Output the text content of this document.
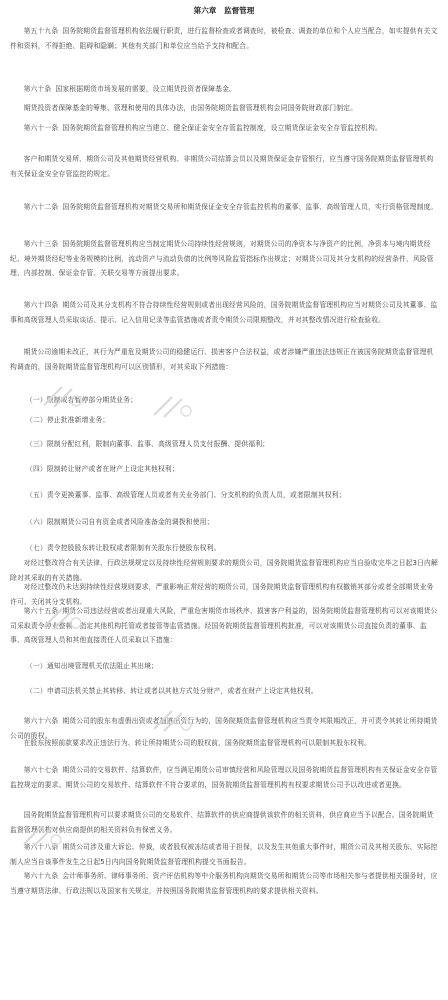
第六章　监督管理

第五十九条 国务院期货监督管理机构依法履行职责，进行监督检查或者调查时，被检查、调查的单位和个人应当配合，如实提供有关文件和资料，不得拒绝、阻碍和隐瞒；其他有关部门和单位应当给予支持和配合。

第六十条 国家根据期货市场发展的需要，设立期货投资者保障基金。

期货投资者保障基金的筹集、管理和使用的具体办法，由国务院期货监督管理机构会同国务院财政部门制定。

第六十一条 国务院期货监督管理机构应当建立、健全保证金安全存管监控制度，设立期货保证金安全存管监控机构。

客户和期货交易所、期货公司及其他期货经营机构、非期货公司结算会员以及期货保证金存管银行，应当遵守国务院期货监督管理机构有关保证金安全存管监控的规定。

第六十二条 国务院期货监督管理机构对期货交易所和期货保证金安全存管监控机构的董事、监事、高级管理人员，实行资格管理制度。

第六十三条 国务院期货监督管理机构应当制定期货公司持续性经营规则，对期货公司的净资本与净资产的比例，净资本与境内期货经纪、境外期货经纪等业务规模的比例，流动资产与流动负债的比例等风险监管指标作出规定；对期货公司及其分支机构的经营条件、风险管理、内部控制、保证金存管、关联交易等方面提出要求。

第六十四条 期货公司及其分支机构不符合持续性经营规则或者出现经营风险的，国务院期货监督管理机构应当对期货公司及其董事、监事和高级管理人员采取谈话、提示、记入信用记录等监管措施或者责令期货公司限期整改，并对其整改情况进行检查验收。

期货公司逾期未改正，其行为严重危及期货公司的稳健运行、损害客户合法权益，或者涉嫌严重违法违规正在被国务院期货监督管理机构调查的，国务院期货监督管理机构可以区别情形，对其采取下列措施：

（一）限制或者暂停部分期货业务；

（二）停止批准新增业务；

（三）限制分配红利，限制向董事、监事、高级管理人员支付报酬、提供福利；

（四）限制转让财产或者在财产上设定其他权利；

（五）责令更换董事、监事、高级管理人员或者有关业务部门、分支机构的负责人员，或者限制其权利；

（六）限制期货公司自有资金或者风险准备金的调拨和使用；

（七）责令控股股东转让股权或者限制有关股东行使股东权利。

对经过整改符合有关法律、行政法规规定以及持续性经营规则要求的期货公司，国务院期货监督管理机构应当自验收完毕之日起3日内解除对其采取的有关措施。

对经过整改仍未达到持续性经营规则要求，严重影响正常经营的期货公司，国务院期货监督管理机构有权撤销其部分或者全部期货业务许可、关闭其分支机构。

第六十五条 期货公司违法经营或者出现重大风险，严重危害期货市场秩序、损害客户利益的，国务院期货监督管理机构可以对该期货公司采取责令停业整顿、指定其他机构托管或者接管等监管措施。经国务院期货监督管理机构批准，可以对该期货公司直接负责的董事、监事、高级管理人员和其他直接责任人员采取以下措施：

（一）通知出境管理机关依法阻止其出境；

（二）申请司法机关禁止其转移、转让或者以其他方式处分财产，或者在财产上设定其他权利。

第六十六条 期货公司的股东有虚假出资或者抽逃出资行为的，国务院期货监督管理机构应当责令其限期改正，并可责令其转让所持期货公司的股权。

在股东按照前款要求改正违法行为、转让所持期货公司的股权前，国务院期货监督管理机构可以限制其股东权利。

第六十七条 期货公司的交易软件、结算软件，应当满足期货公司审慎经营和风险管理以及国务院期货监督管理机构有关保证金安全存管监控规定的要求。期货公司的交易软件、结算软件不符合要求的，国务院期货监督管理机构有权要求期货公司予以改进或者更换。

国务院期货监督管理机构可以要求期货公司的交易软件、结算软件的供应商提供该软件的相关资料，供应商应当予以配合。国务院期货监督管理机构对供应商提供的相关资料负有保密义务。

第六十八条 期货公司涉及重大诉讼、仲裁，或者股权被冻结或者用于担保，以及发生其他重大事件时，期货公司及其相关股东、实际控制人应当自该事件发生之日起5日内向国务院期货监督管理机构提交书面报告。

第六十九条 会计师事务所、律师事务所、资产评估机构等中介服务机构向期货交易所和期货公司等市场相关参与者提供相关服务时，应当遵守期货法律、行政法规以及国家有关规定，并按照国务院期货监督管理机构的要求提供相关资料。
